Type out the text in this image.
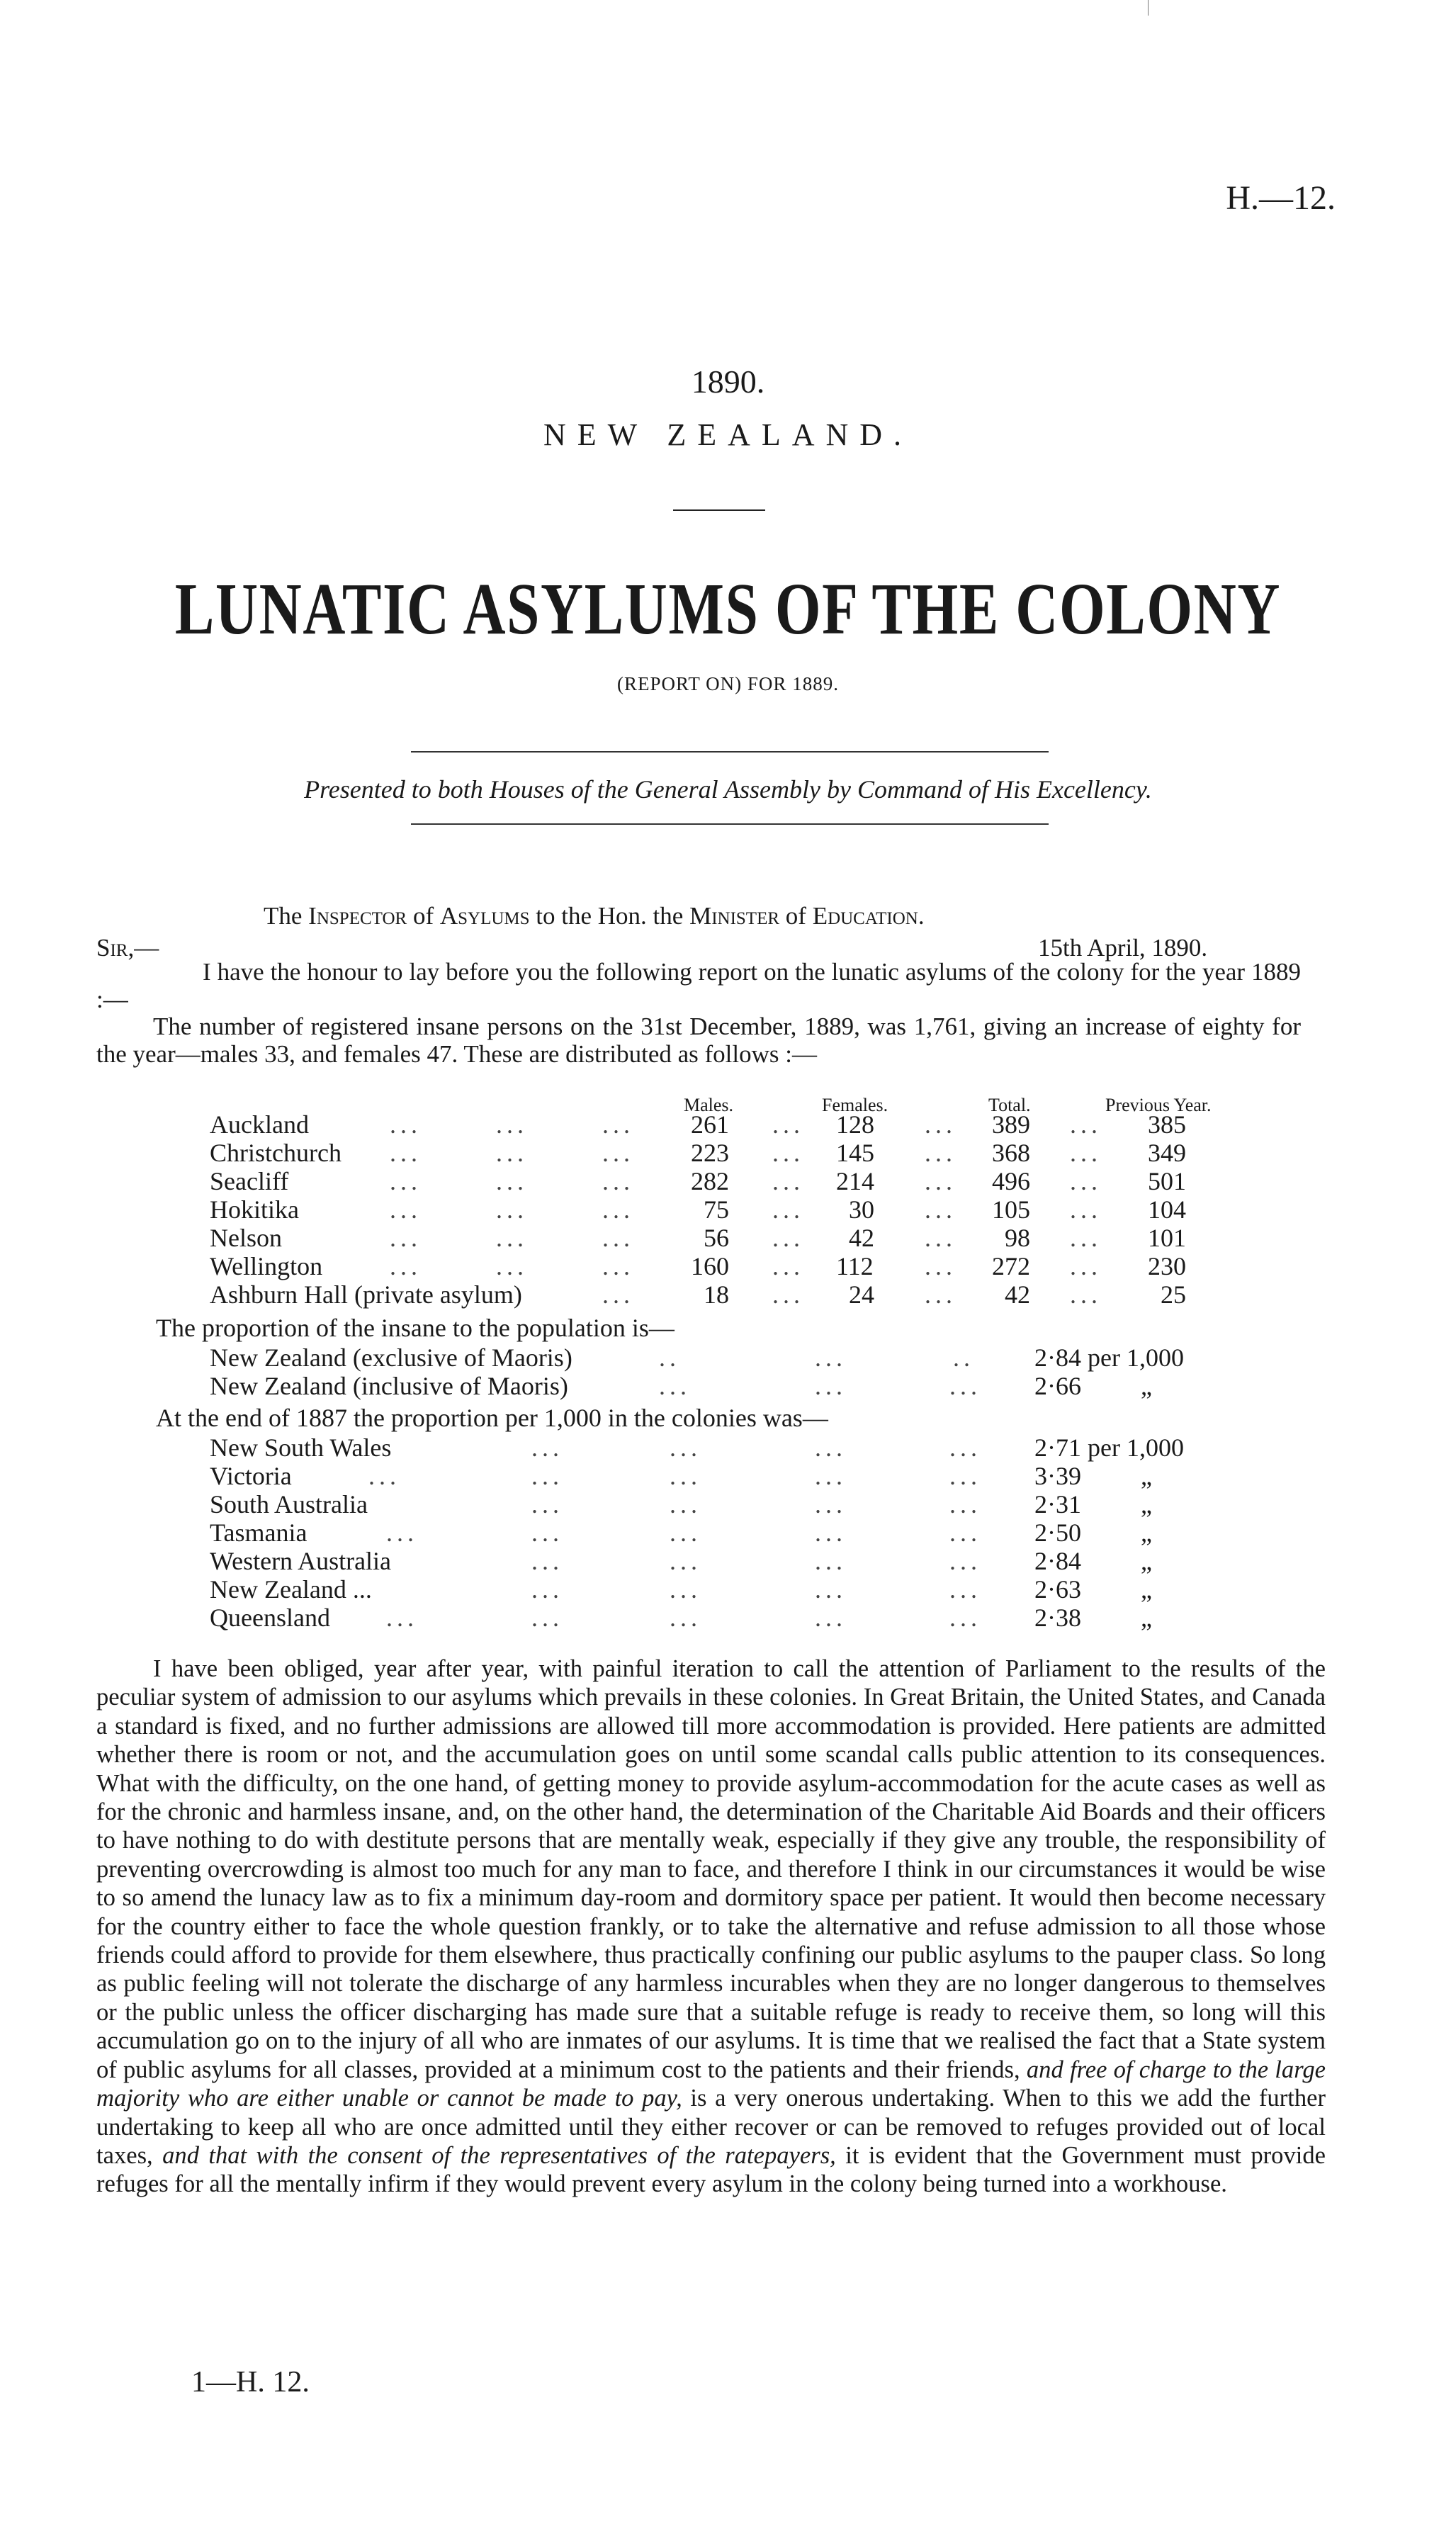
H.—12.
1890.
NEW ZEALAND.
LUNATIC ASYLUMS OF THE COLONY
(REPORT ON) FOR 1889.
Presented to both Houses of the General Assembly by Command of His Excellency.
The Inspector of Asylums to the Hon. the Minister of Education.
Sir,—	15th April, 1890.
I have the honour to lay before you the following report on the lunatic asylums of the colony for the year 1889 :—
The number of registered insane persons on the 31st December, 1889, was 1,761, giving an increase of eighty for the year—males 33, and females 47. These are distributed as follows :—
Males.	Females.	Total.	Previous Year.
Auckland	...	...	... 261 ... 128 ... 389 ... 385
Christchurch ...	...	... 223 ... 145 ... 368 ... 349
Seacliff	...	...	... 282 ... 214 ... 496 ... 501
Hokitika	...	...	...	75 ... 30 ... 105 ... 104
Nelson	...	...	...	56 ... 42 ... 98 ... 101
Wellington	...	...	... 160 ... 112 ... 272 ... 230
Ashburn Hall (private asylum)	...	18 ... 24 ... 42 ... 25
The proportion of the insane to the population is—
New Zealand (exclusive of Maoris)	..	...	.. 2·84 per 1,000
New Zealand (inclusive of Maoris)	...	...	... 2·66 „
At the end of 1887 the proportion per 1,000 in the colonies was—
New South Wales	...	...	...	... 2·71 per 1,000
Victoria	...	...	...	...	... 3·39 „
South Australia	...	...	...	... 2·31 „
Tasmania	...	...	...	...	... 2·50 „
Western Australia	...	...	...	... 2·84 „
New Zealand ...	...	...	...	... 2·63 „
Queensland ...	...	...	...	... 2·38 „
I have been obliged, year after year, with painful iteration to call the attention of Parliament to the results of the peculiar system of admission to our asylums which prevails in these colonies. In Great Britain, the United States, and Canada a standard is fixed, and no further admissions are allowed till more accommodation is provided. Here patients are admitted whether there is room or not, and the accumulation goes on until some scandal calls public attention to its consequences. What with the difficulty, on the one hand, of getting money to provide asylum-accommodation for the acute cases as well as for the chronic and harmless insane, and, on the other hand, the determination of the Charitable Aid Boards and their officers to have nothing to do with destitute persons that are mentally weak, especially if they give any trouble, the responsibility of preventing overcrowding is almost too much for any man to face, and therefore I think in our circumstances it would be wise to so amend the lunacy law as to fix a minimum day-room and dormitory space per patient. It would then become necessary for the country either to face the whole question frankly, or to take the alternative and refuse admission to all those whose friends could afford to provide for them elsewhere, thus practically confining our public asylums to the pauper class. So long as public feeling will not tolerate the discharge of any harmless incurables when they are no longer dangerous to themselves or the public unless the officer discharging has made sure that a suitable refuge is ready to receive them, so long will this accumulation go on to the injury of all who are inmates of our asylums. It is time that we realised the fact that a State system of public asylums for all classes, provided at a minimum cost to the patients and their friends, and free of charge to the large majority who are either unable or cannot be made to pay, is a very onerous undertaking. When to this we add the further undertaking to keep all who are once admitted until they either recover or can be removed to refuges provided out of local taxes, and that with the consent of the representatives of the ratepayers, it is evident that the Government must provide refuges for all the mentally infirm if they would prevent every asylum in the colony being turned into a workhouse.
1—H. 12.
